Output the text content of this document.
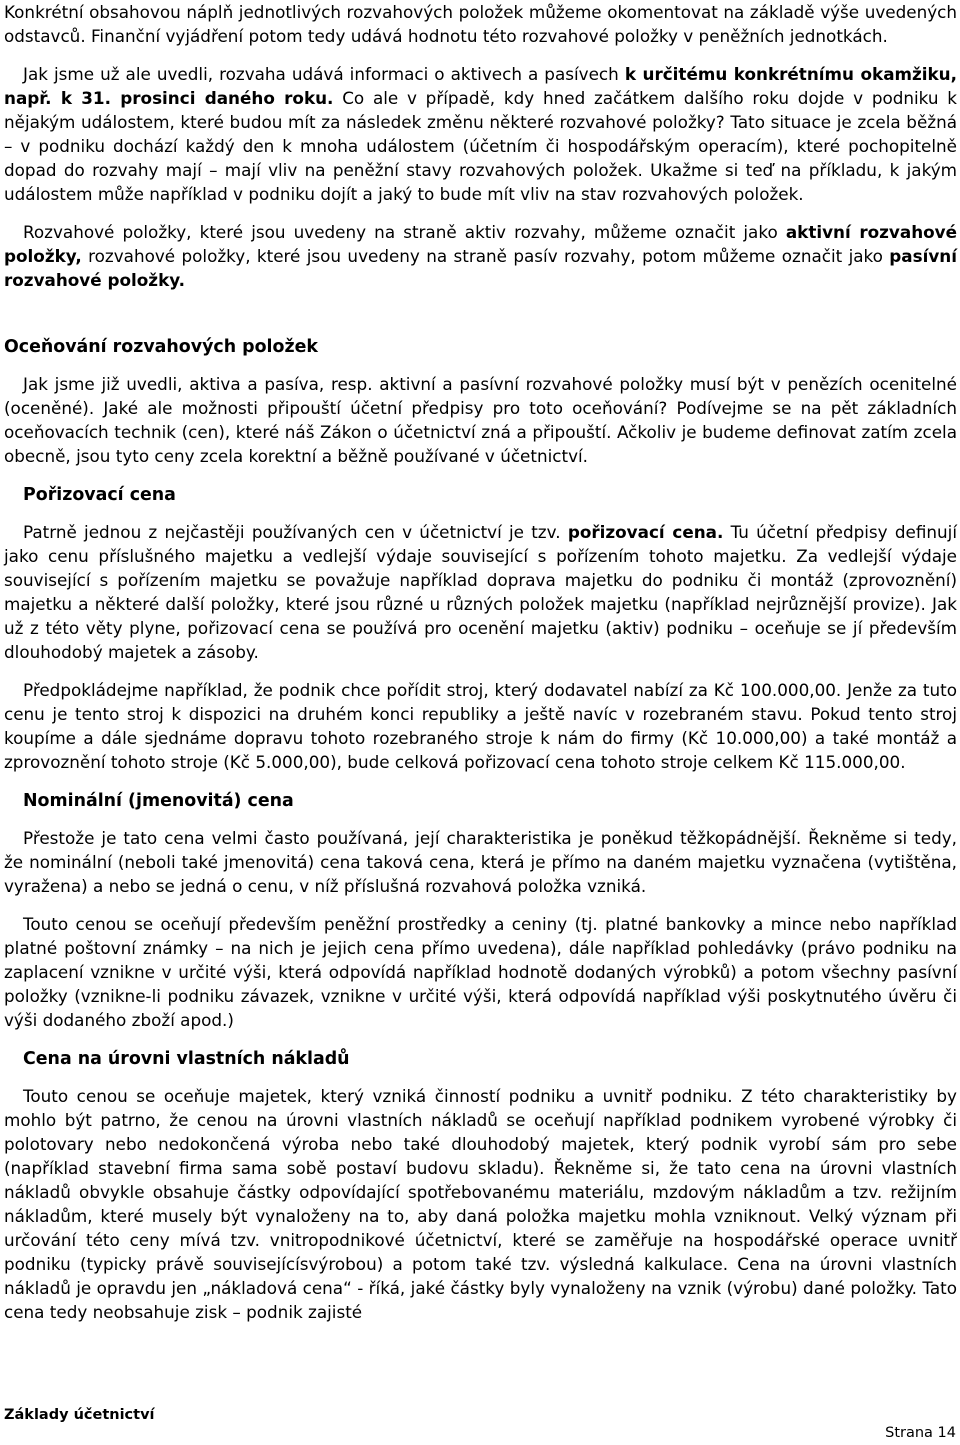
Konkrétní obsahovou náplň jednotlivých rozvahových položek můžeme okomentovat na základě výše uvedených odstavců. Finanční vyjádření potom tedy udává hodnotu této rozvahové položky v peněžních jednotkách.

Jak jsme už ale uvedli, rozvaha udává informaci o aktivech a pasívech k určitému konkrétnímu okamžiku, např. k 31. prosinci daného roku. Co ale v případě, kdy hned začátkem dalšího roku dojde v podniku k nějakým událostem, které budou mít za následek změnu některé rozvahové položky? Tato situace je zcela běžná – v podniku dochází každý den k mnoha událostem (účetním či hospodářským operacím), které pochopitelně dopad do rozvahy mají – mají vliv na peněžní stavy rozvahových položek. Ukažme si teď na příkladu, k jakým událostem může například v podniku dojít a jaký to bude mít vliv na stav rozvahových položek.

Rozvahové položky, které jsou uvedeny na straně aktiv rozvahy, můžeme označit jako aktivní rozvahové položky, rozvahové položky, které jsou uvedeny na straně pasív rozvahy, potom můžeme označit jako pasívní rozvahové položky.

Oceňování rozvahových položek

Jak jsme již uvedli, aktiva a pasíva, resp. aktivní a pasívní rozvahové položky musí být v penězích ocenitelné (oceněné). Jaké ale možnosti připouští účetní předpisy pro toto oceňování? Podívejme se na pět základních oceňovacích technik (cen), které náš Zákon o účetnictví zná a připouští. Ačkoliv je budeme definovat zatím zcela obecně, jsou tyto ceny zcela korektní a běžně používané v účetnictví.

Pořizovací cena

Patrně jednou z nejčastěji používaných cen v účetnictví je tzv. pořizovací cena. Tu účetní předpisy definují jako cenu příslušného majetku a vedlejší výdaje související s pořízením tohoto majetku. Za vedlejší výdaje související s pořízením majetku se považuje například doprava majetku do podniku či montáž (zprovoznění) majetku a některé další položky, které jsou různé u různých položek majetku (například nejrůznější provize). Jak už z této věty plyne, pořizovací cena se používá pro ocenění majetku (aktiv) podniku – oceňuje se jí především dlouhodobý majetek a zásoby.

Předpokládejme například, že podnik chce pořídit stroj, který dodavatel nabízí za Kč 100.000,00. Jenže za tuto cenu je tento stroj k dispozici na druhém konci republiky a ještě navíc v rozebraném stavu. Pokud tento stroj koupíme a dále sjednáme dopravu tohoto rozebraného stroje k nám do firmy (Kč 10.000,00) a také montáž a zprovoznění tohoto stroje (Kč 5.000,00), bude celková pořizovací cena tohoto stroje celkem Kč 115.000,00.

Nominální (jmenovitá) cena

Přestože je tato cena velmi často používaná, její charakteristika je poněkud těžkopádnější. Řekněme si tedy, že nominální (neboli také jmenovitá) cena taková cena, která je přímo na daném majetku vyznačena (vytištěna, vyražena) a nebo se jedná o cenu, v níž příslušná rozvahová položka vzniká.

Touto cenou se oceňují především peněžní prostředky a ceniny (tj. platné bankovky a mince nebo například platné poštovní známky – na nich je jejich cena přímo uvedena), dále například pohledávky (právo podniku na zaplacení vznikne v určité výši, která odpovídá například hodnotě dodaných výrobků) a potom všechny pasívní položky (vzniknе-li podniku závazek, vznikne v určité výši, která odpovídá například výši poskytnutého úvěru či výši dodaného zboží apod.)

Cena na úrovni vlastních nákladů

Touto cenou se oceňuje majetek, který vzniká činností podniku a uvnitř podniku. Z této charakteristiky by mohlo být patrno, že cenou na úrovni vlastních nákladů se oceňují například podnikem vyrobené výrobky či polotovary nebo nedokončená výroba nebo také dlouhodobý majetek, který podnik vyrobí sám pro sebe (například stavební firma sama sobě postaví budovu skladu). Řekněme si, že tato cena na úrovni vlastních nákladů obvykle obsahuje částky odpovídající spotřebovanému materiálu, mzdovým nákladům a tzv. režijním nákladům, které musely být vynaloženy na to, aby daná položka majetku mohla vzniknout. Velký význam při určování této ceny mívá tzv. vnitropodnikové účetnictví, které se zaměřuje na hospodářské operace uvnitř podniku (typicky právě souvisejícísvýrobou) a potom také tzv. výsledná kalkulace. Cena na úrovni vlastních nákladů je opravdu jen „nákladová cena“ - říká, jaké částky byly vynaloženy na vznik (výrobu) dané položky. Tato cena tedy neobsahuje zisk – podnik zajisté

Základy účetnictví
Strana 14
